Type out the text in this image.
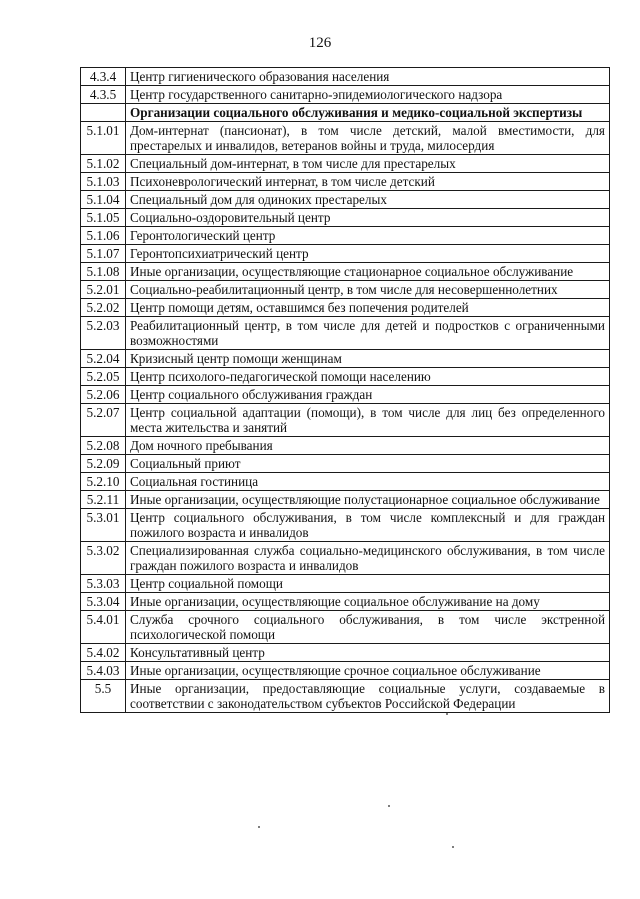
126
4.3.4	Центр гигиенического образования населения
4.3.5	Центр государственного санитарно-эпидемиологического надзора
	Организации социального обслуживания и медико-социальной экспертизы
5.1.01	Дом-интернат (пансионат), в том числе детский, малой вместимости, для престарелых и инвалидов, ветеранов войны и труда, милосердия
5.1.02	Специальный дом-интернат, в том числе для престарелых
5.1.03	Психоневрологический интернат, в том числе детский
5.1.04	Специальный дом для одиноких престарелых
5.1.05	Социально-оздоровительный центр
5.1.06	Геронтологический центр
5.1.07	Геронтопсихиатрический центр
5.1.08	Иные организации, осуществляющие стационарное социальное обслуживание
5.2.01	Социально-реабилитационный центр, в том числе для несовершеннолетних
5.2.02	Центр помощи детям, оставшимся без попечения родителей
5.2.03	Реабилитационный центр, в том числе для детей и подростков с ограниченными возможностями
5.2.04	Кризисный центр помощи женщинам
5.2.05	Центр психолого-педагогической помощи населению
5.2.06	Центр социального обслуживания граждан
5.2.07	Центр социальной адаптации (помощи), в том числе для лиц без определенного места жительства и занятий
5.2.08	Дом ночного пребывания
5.2.09	Социальный приют
5.2.10	Социальная гостиница
5.2.11	Иные организации, осуществляющие полустационарное социальное обслуживание
5.3.01	Центр социального обслуживания, в том числе комплексный и для граждан пожилого возраста и инвалидов
5.3.02	Специализированная служба социально-медицинского обслуживания, в том числе граждан пожилого возраста и инвалидов
5.3.03	Центр социальной помощи
5.3.04	Иные организации, осуществляющие социальное обслуживание на дому
5.4.01	Служба срочного социального обслуживания, в том числе экстренной психологической помощи
5.4.02	Консультативный центр
5.4.03	Иные организации, осуществляющие срочное социальное обслуживание
5.5	Иные организации, предоставляющие социальные услуги, создаваемые в соответствии с законодательством субъектов Российской Федерации
